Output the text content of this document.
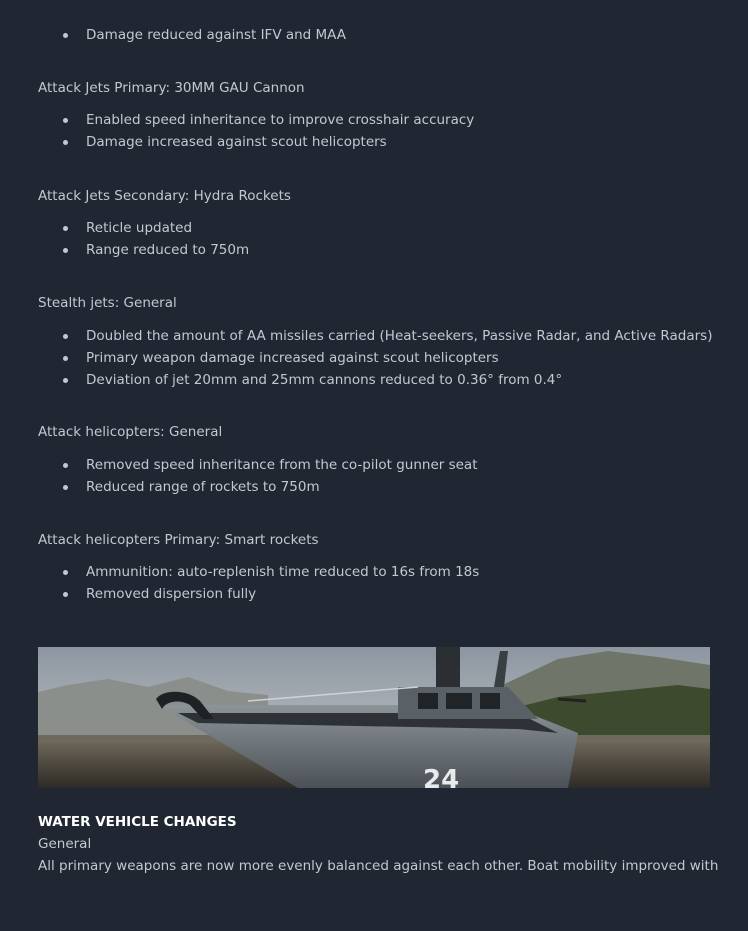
Damage reduced against IFV and MAA
Attack Jets Primary: 30MM GAU Cannon
Enabled speed inheritance to improve crosshair accuracy
Damage increased against scout helicopters
Attack Jets Secondary: Hydra Rockets
Reticle updated
Range reduced to 750m
Stealth jets: General
Doubled the amount of AA missiles carried (Heat-seekers, Passive Radar, and Active Radars)
Primary weapon damage increased against scout helicopters
Deviation of jet 20mm and 25mm cannons reduced to 0.36° from 0.4°
Attack helicopters: General
Removed speed inheritance from the co-pilot gunner seat
Reduced range of rockets to 750m
Attack helicopters Primary: Smart rockets
Ammunition: auto-replenish time reduced to 16s from 18s
Removed dispersion fully
24
WATER VEHICLE CHANGES
General
All primary weapons are now more evenly balanced against each other. Boat mobility improved with
